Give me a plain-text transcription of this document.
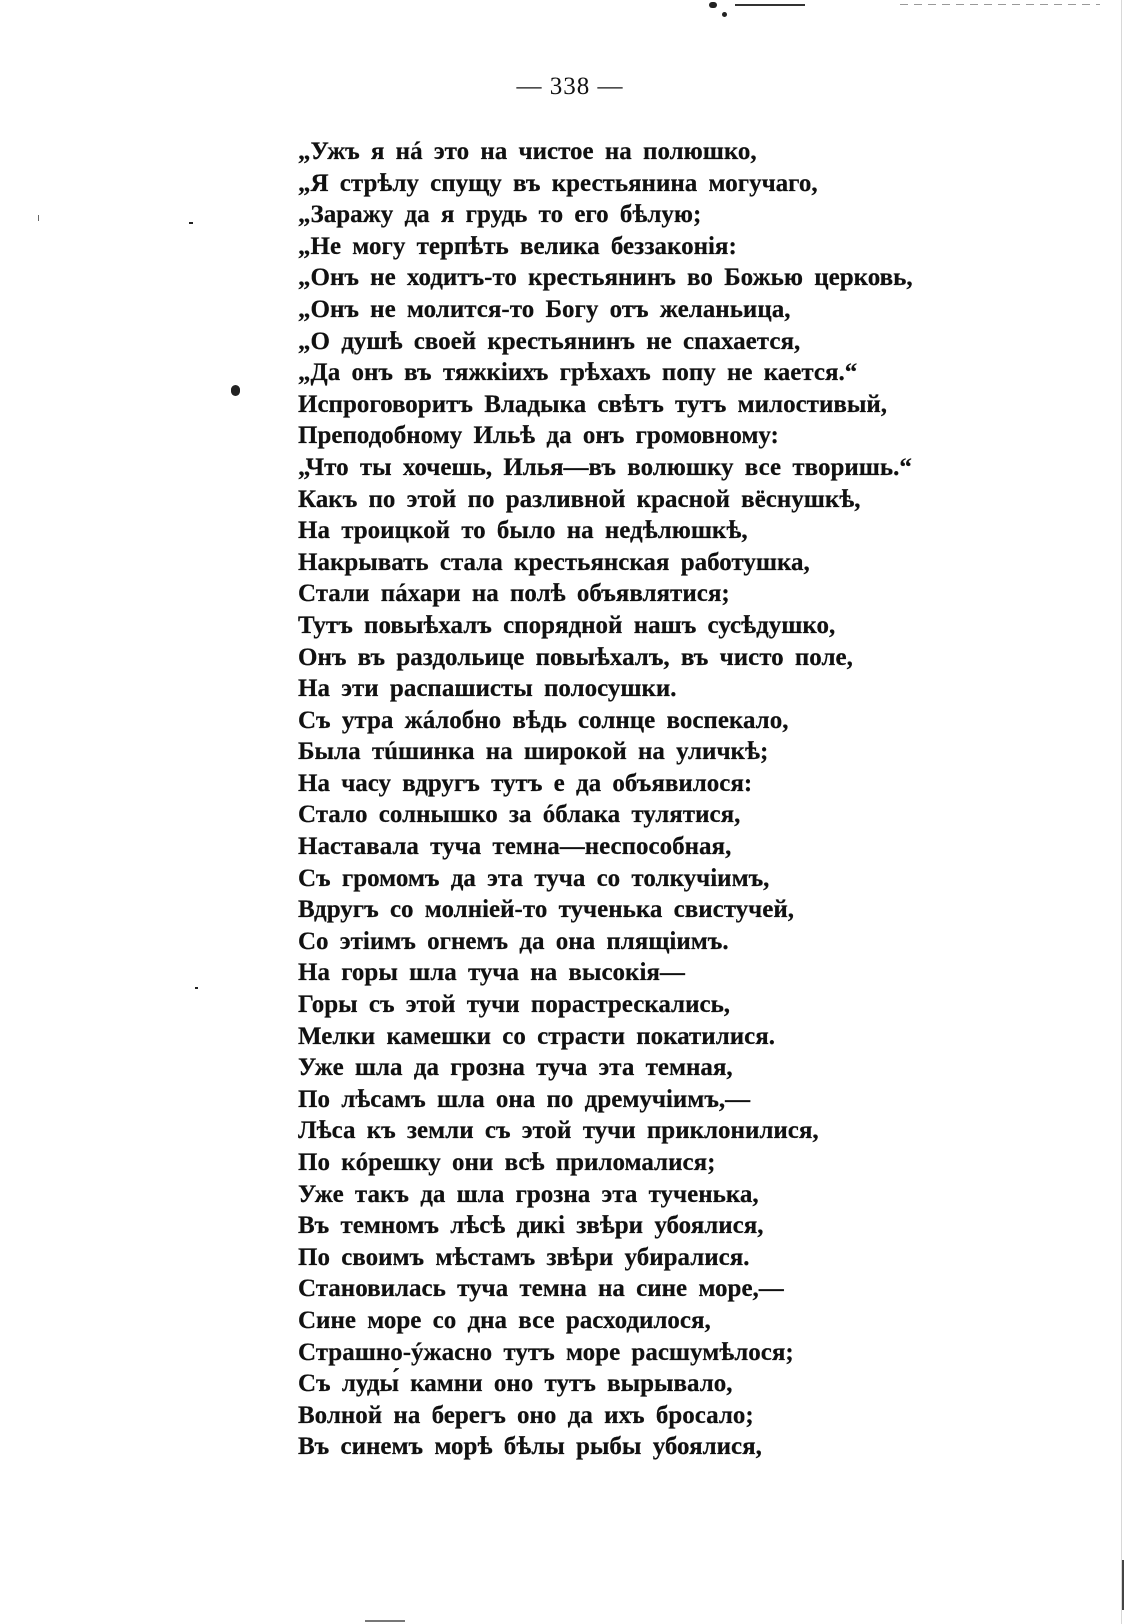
— 338 —
„Ужъ я нá это на чистое на полюшко,
„Я стрѣлу спущу въ крестьянина могучаго,
„Заражу да я грудь то его бѣлую;
„Не могу терпѣть велика беззаконія:
„Онъ не ходитъ-то крестьянинъ во Божью церковь,
„Онъ не молится-то Богу отъ желаньица,
„О душѣ своей крестьянинъ не спахается,
„Да онъ въ тяжкіихъ грѣхахъ попу не кается.“
Испроговоритъ Владыка свѣтъ тутъ милостивый,
Преподобному Ильѣ да онъ громовному:
„Что ты хочешь, Илья—въ волюшку все творишь.“
Какъ по этой по разливной красной вёснушкѣ,
На троицкой то было на недѣлюшкѣ,
Накрывать стала крестьянская работушка,
Стали пáхари на полѣ объявлятися;
Тутъ повыѣхалъ спорядной нашъ сусѣдушко,
Онъ въ раздольице повыѣхалъ, въ чисто поле,
На эти распашисты полосушки.
Съ утра жáлобно вѣдь солнце воспекало,
Была тúшинка на широкой на уличкѣ;
На часу вдругъ тутъ е да объявилося:
Стало солнышко за óблака тулятися,
Наставала туча темна—неспособная,
Съ громомъ да эта туча со толкучіимъ,
Вдругъ со молніей-то тученька свистучей,
Со этіимъ огнемъ да она плящіимъ.
На горы шла туча на высокія—
Горы съ этой тучи порастрескались,
Мелки камешки со страсти покатилися.
Уже шла да грозна туча эта темная,
По лѣсамъ шла она по дремучіимъ,—
Лѣса къ земли съ этой тучи приклонилися,
По кóрешку они всѣ приломалися;
Уже такъ да шла грозна эта тученька,
Въ темномъ лѣсѣ дикі звѣри убоялися,
По своимъ мѣстамъ звѣри убиралися.
Становилась туча темна на сине море,—
Сине море со дна все расходилося,
Страшно-ýжасно тутъ море расшумѣлося;
Съ луды́ камни оно тутъ вырывало,
Волной на берегъ оно да ихъ бросало;
Въ синемъ морѣ бѣлы рыбы убоялися,
